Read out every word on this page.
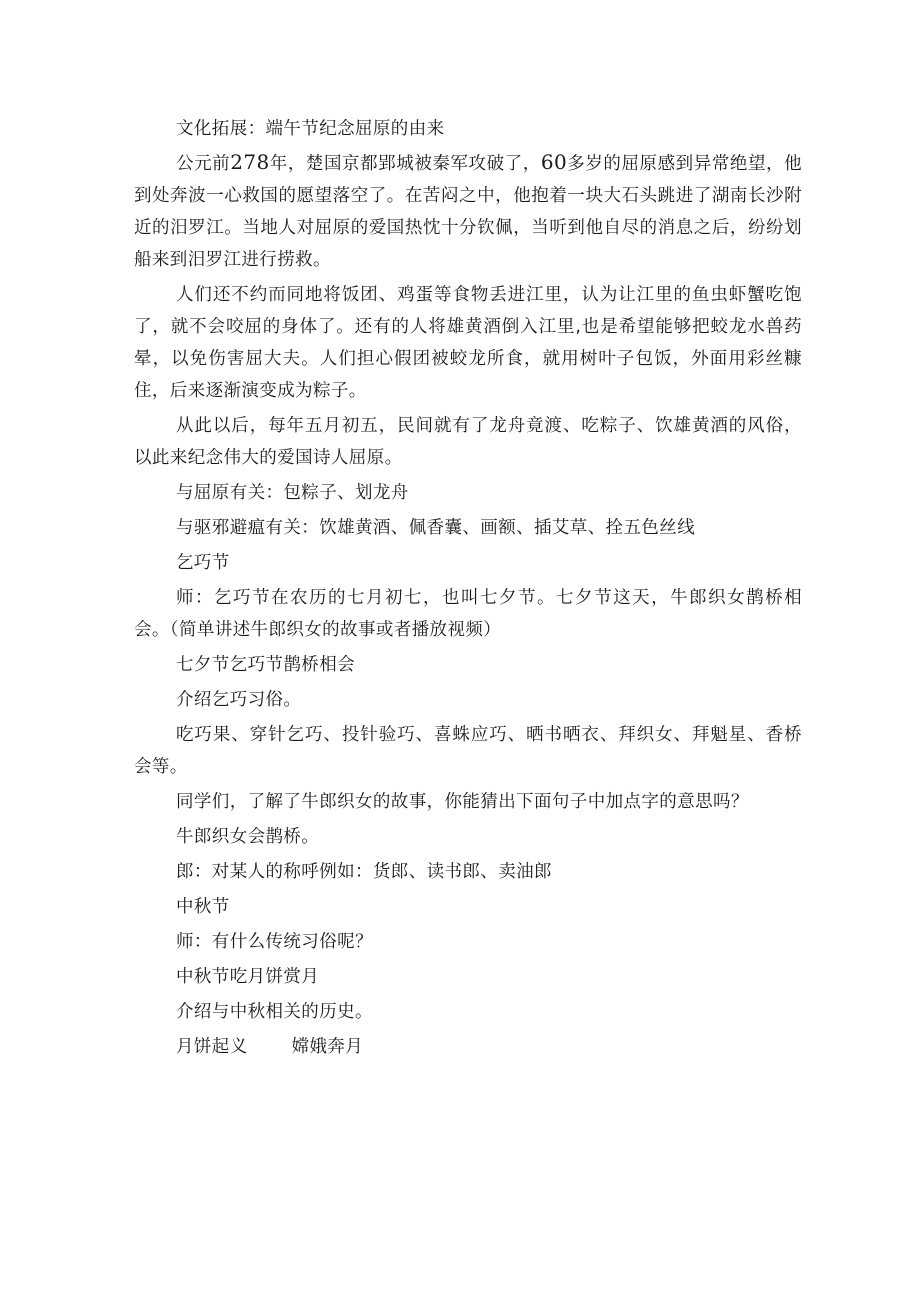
文化拓展：端午节纪念屈原的由来

公元前278年，楚国京都郢城被秦军攻破了，60多岁的屈原感到异常绝望，他到处奔波一心救国的愿望落空了。在苦闷之中，他抱着一块大石头跳进了湖南长沙附近的汨罗江。当地人对屈原的爱国热忱十分钦佩，当听到他自尽的消息之后，纷纷划船来到汨罗江进行捞救。

人们还不约而同地将饭团、鸡蛋等食物丢进江里，认为让江里的鱼虫虾蟹吃饱了，就不会咬屈的身体了。还有的人将雄黄酒倒入江里,也是希望能够把蛟龙水兽药晕，以免伤害屈大夫。人们担心假团被蛟龙所食，就用树叶子包饭，外面用彩丝糠住，后来逐渐演变成为粽子。

从此以后，每年五月初五，民间就有了龙舟竟渡、吃粽子、饮雄黄酒的风俗，以此来纪念伟大的爱国诗人屈原。

与屈原有关：包粽子、划龙舟

与驱邪避瘟有关：饮雄黄酒、佩香囊、画额、插艾草、拴五色丝线

乞巧节

师：乞巧节在农历的七月初七，也叫七夕节。七夕节这天，牛郎织女鹊桥相会。（简单讲述牛郎织女的故事或者播放视频）

七夕节乞巧节鹊桥相会

介绍乞巧习俗。

吃巧果、穿针乞巧、投针验巧、喜蛛应巧、晒书晒衣、拜织女、拜魁星、香桥会等。

同学们，了解了牛郎织女的故事，你能猜出下面句子中加点字的意思吗？

牛郎织女会鹊桥。

郎：对某人的称呼例如：货郎、读书郎、卖油郎

中秋节

师：有什么传统习俗呢？

中秋节吃月饼赏月

介绍与中秋相关的历史。

月饼起义	嫦娥奔月
